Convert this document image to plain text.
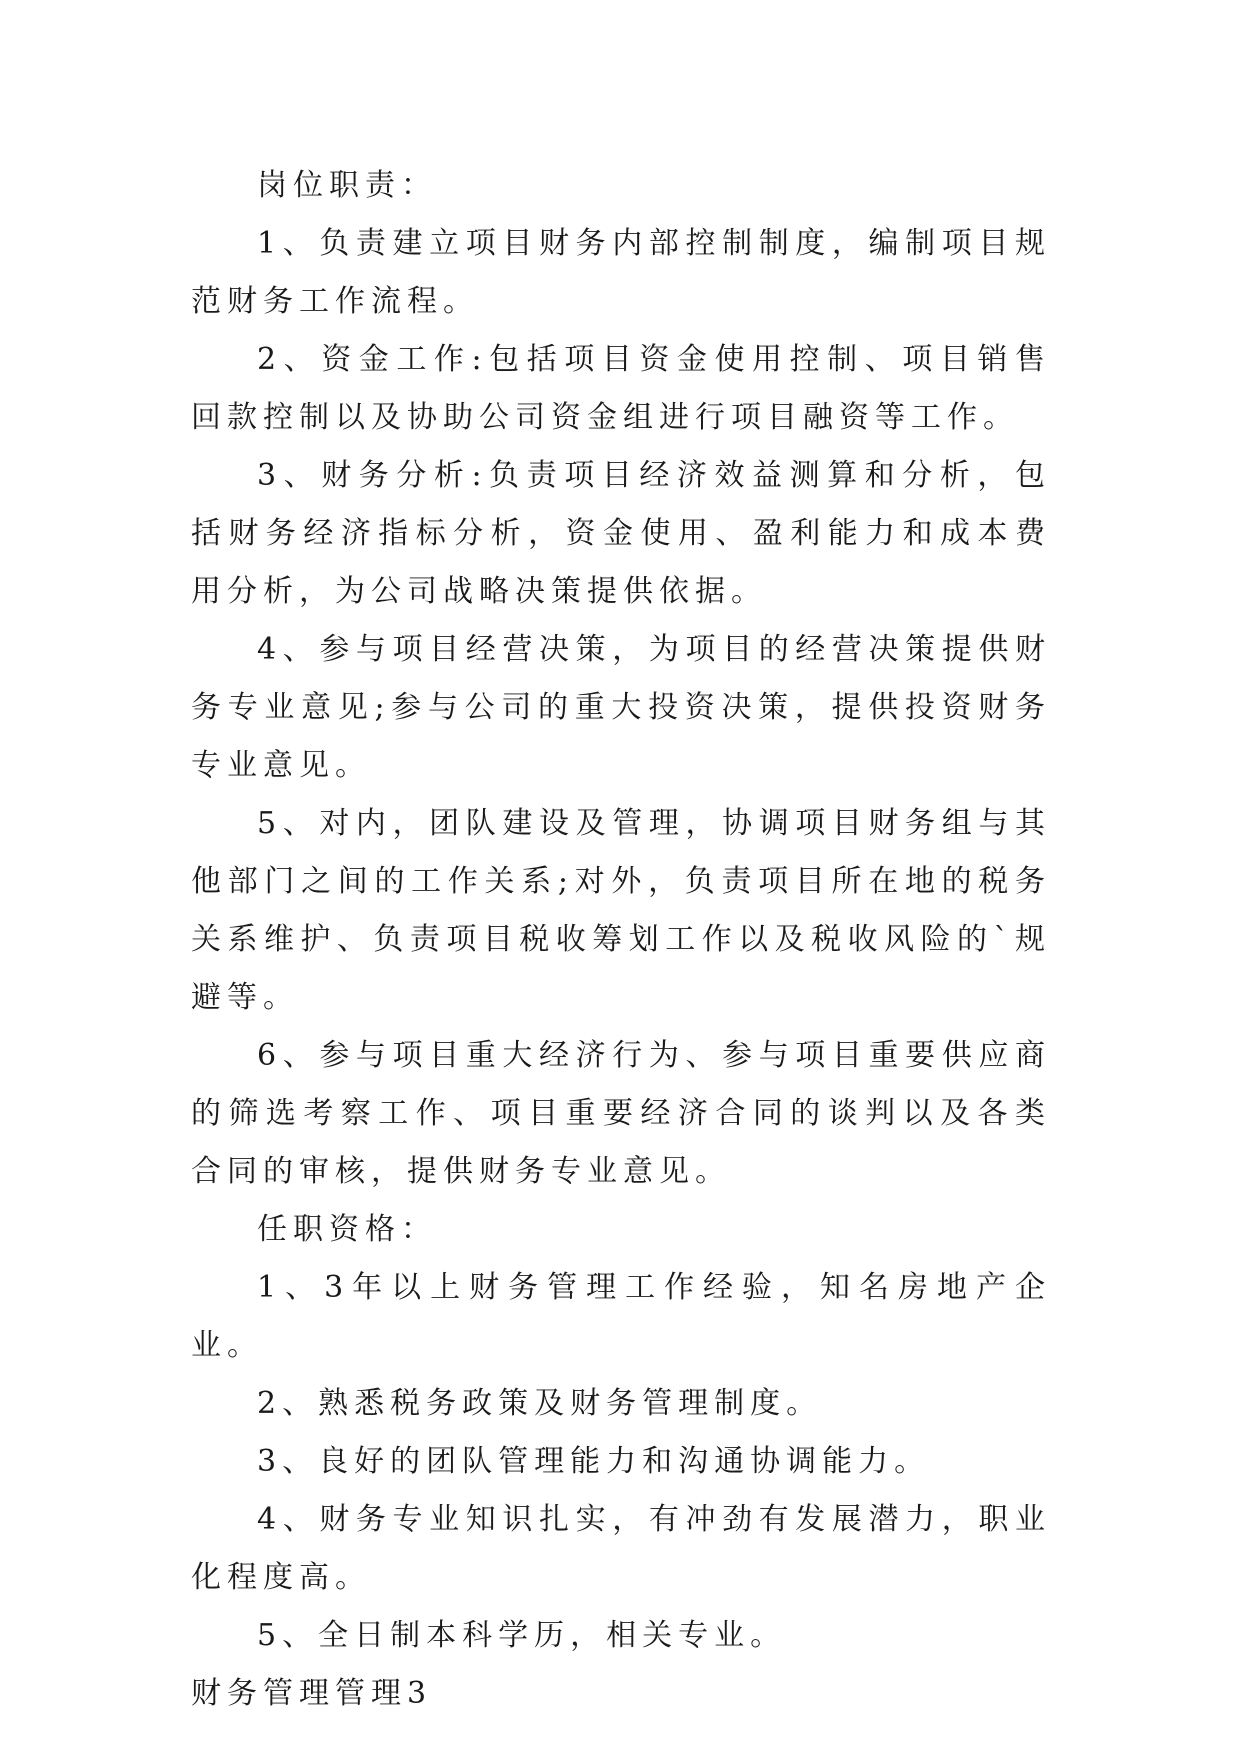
岗位职责：

1、负责建立项目财务内部控制制度，编制项目规范财务工作流程。

2、资金工作:包括项目资金使用控制、项目销售回款控制以及协助公司资金组进行项目融资等工作。

3、财务分析:负责项目经济效益测算和分析，包括财务经济指标分析，资金使用、盈利能力和成本费用分析，为公司战略决策提供依据。

4、参与项目经营决策，为项目的经营决策提供财务专业意见;参与公司的重大投资决策，提供投资财务专业意见。

5、对内，团队建设及管理，协调项目财务组与其他部门之间的工作关系;对外，负责项目所在地的税务关系维护、负责项目税收筹划工作以及税收风险的`规避等。

6、参与项目重大经济行为、参与项目重要供应商的筛选考察工作、项目重要经济合同的谈判以及各类合同的审核，提供财务专业意见。

任职资格：

1、3年以上财务管理工作经验，知名房地产企业。

2、熟悉税务政策及财务管理制度。

3、良好的团队管理能力和沟通协调能力。

4、财务专业知识扎实，有冲劲有发展潜力，职业化程度高。

5、全日制本科学历，相关专业。

财务管理管理3
